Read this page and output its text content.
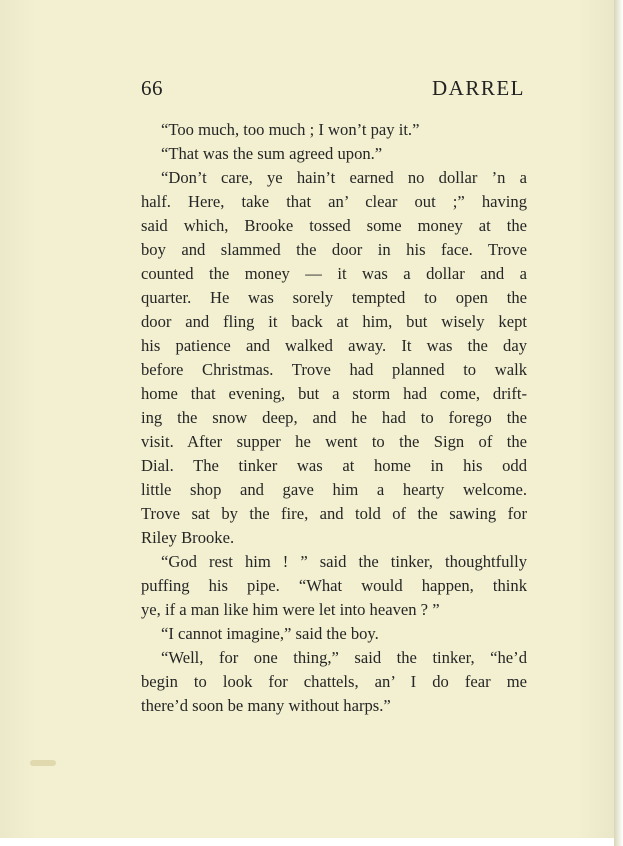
66	DARREL
“Too much, too much ; I won’t pay it.”
“That was the sum agreed upon.”
“Don’t care, ye hain’t earned no dollar ’n a
half. Here, take that an’ clear out ;” having
said which, Brooke tossed some money at the
boy and slammed the door in his face. Trove
counted the money — it was a dollar and a
quarter. He was sorely tempted to open the
door and fling it back at him, but wisely kept
his patience and walked away. It was the day
before Christmas. Trove had planned to walk
home that evening, but a storm had come, drift-
ing the snow deep, and he had to forego the
visit. After supper he went to the Sign of the
Dial. The tinker was at home in his odd
little shop and gave him a hearty welcome.
Trove sat by the fire, and told of the sawing for
Riley Brooke.
“God rest him ! ” said the tinker, thoughtfully
puffing his pipe. “What would happen, think
ye, if a man like him were let into heaven ? ”
“I cannot imagine,” said the boy.
“Well, for one thing,” said the tinker, “he’d
begin to look for chattels, an’ I do fear me
there’d soon be many without harps.”
